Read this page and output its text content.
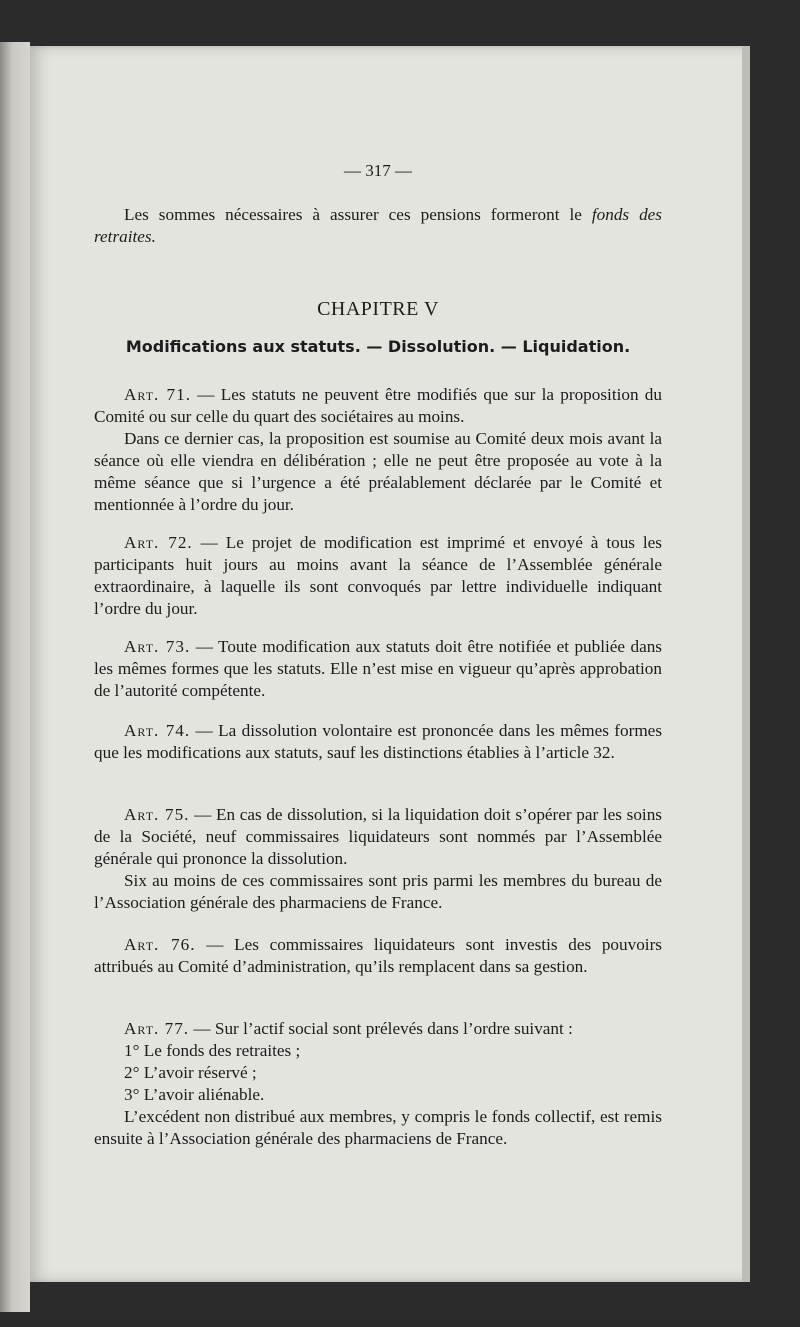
— 317 —

Les sommes nécessaires à assurer ces pensions formeront le fonds des retraites.

CHAPITRE V
Modifications aux statuts. — Dissolution. — Liquidation.

Art. 71. — Les statuts ne peuvent être modifiés que sur la proposition du Comité ou sur celle du quart des sociétaires au moins.

Dans ce dernier cas, la proposition est soumise au Comité deux mois avant la séance où elle viendra en délibération ; elle ne peut être proposée au vote à la même séance que si l’urgence a été préalablement déclarée par le Comité et mentionnée à l’ordre du jour.

Art. 72. — Le projet de modification est imprimé et envoyé à tous les participants huit jours au moins avant la séance de l’Assemblée générale extraordinaire, à laquelle ils sont convoqués par lettre individuelle indiquant l’ordre du jour.

Art. 73. — Toute modification aux statuts doit être notifiée et publiée dans les mêmes formes que les statuts. Elle n’est mise en vigueur qu’après approbation de l’autorité compétente.

Art. 74. — La dissolution volontaire est prononcée dans les mêmes formes que les modifications aux statuts, sauf les distinctions établies à l’article 32.

Art. 75. — En cas de dissolution, si la liquidation doit s’opérer par les soins de la Société, neuf commissaires liquidateurs sont nommés par l’Assemblée générale qui prononce la dissolution.

Six au moins de ces commissaires sont pris parmi les membres du bureau de l’Association générale des pharmaciens de France.

Art. 76. — Les commissaires liquidateurs sont investis des pouvoirs attribués au Comité d’administration, qu’ils remplacent dans sa gestion.

Art. 77. — Sur l’actif social sont prélevés dans l’ordre suivant :

1° Le fonds des retraites ;

2° L’avoir réservé ;

3° L’avoir aliénable.

L’excédent non distribué aux membres, y compris le fonds collectif, est remis ensuite à l’Association générale des pharmaciens de France.
